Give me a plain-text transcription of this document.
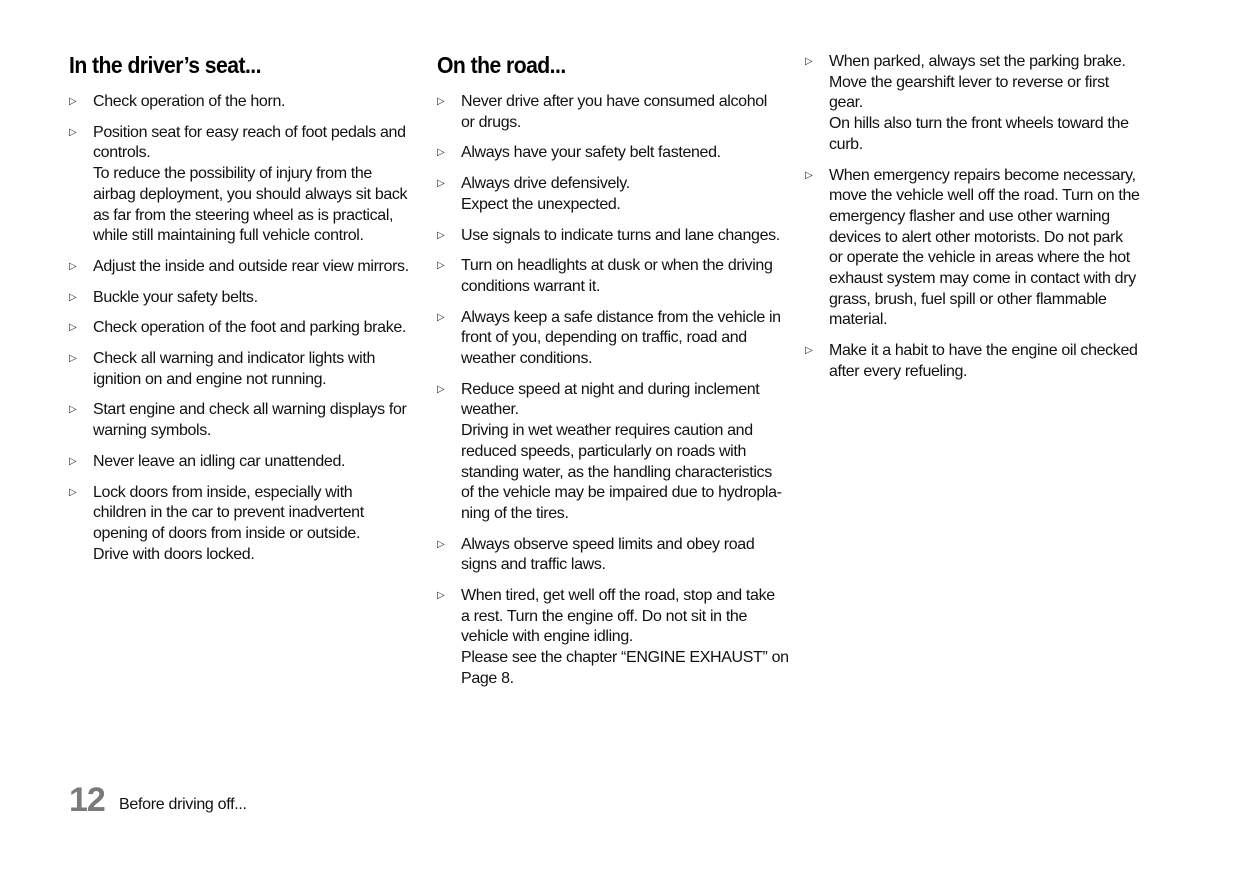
In the driver’s seat...
▷ Check operation of the horn.
▷ Position seat for easy reach of foot pedals and
controls.
To reduce the possibility of injury from the
airbag deployment, you should always sit back
as far from the steering wheel as is practical,
while still maintaining full vehicle control.
▷ Adjust the inside and outside rear view mirrors.
▷ Buckle your safety belts.
▷ Check operation of the foot and parking brake.
▷ Check all warning and indicator lights with
ignition on and engine not running.
▷ Start engine and check all warning displays for
warning symbols.
▷ Never leave an idling car unattended.
▷ Lock doors from inside, especially with
children in the car to prevent inadvertent
opening of doors from inside or outside.
Drive with doors locked.
On the road...
▷ Never drive after you have consumed alcohol
or drugs.
▷ Always have your safety belt fastened.
▷ Always drive defensively.
Expect the unexpected.
▷ Use signals to indicate turns and lane changes.
▷ Turn on headlights at dusk or when the driving
conditions warrant it.
▷ Always keep a safe distance from the vehicle in
front of you, depending on traffic, road and
weather conditions.
▷ Reduce speed at night and during inclement
weather.
Driving in wet weather requires caution and
reduced speeds, particularly on roads with
standing water, as the handling characteristics
of the vehicle may be impaired due to hydropla-
ning of the tires.
▷ Always observe speed limits and obey road
signs and traffic laws.
▷ When tired, get well off the road, stop and take
a rest. Turn the engine off. Do not sit in the
vehicle with engine idling.
Please see the chapter “ENGINE EXHAUST” on
Page 8.
▷ When parked, always set the parking brake.
Move the gearshift lever to reverse or first
gear.
On hills also turn the front wheels toward the
curb.
▷ When emergency repairs become necessary,
move the vehicle well off the road. Turn on the
emergency flasher and use other warning
devices to alert other motorists. Do not park
or operate the vehicle in areas where the hot
exhaust system may come in contact with dry
grass, brush, fuel spill or other flammable
material.
▷ Make it a habit to have the engine oil checked
after every refueling.
12 Before driving off...
